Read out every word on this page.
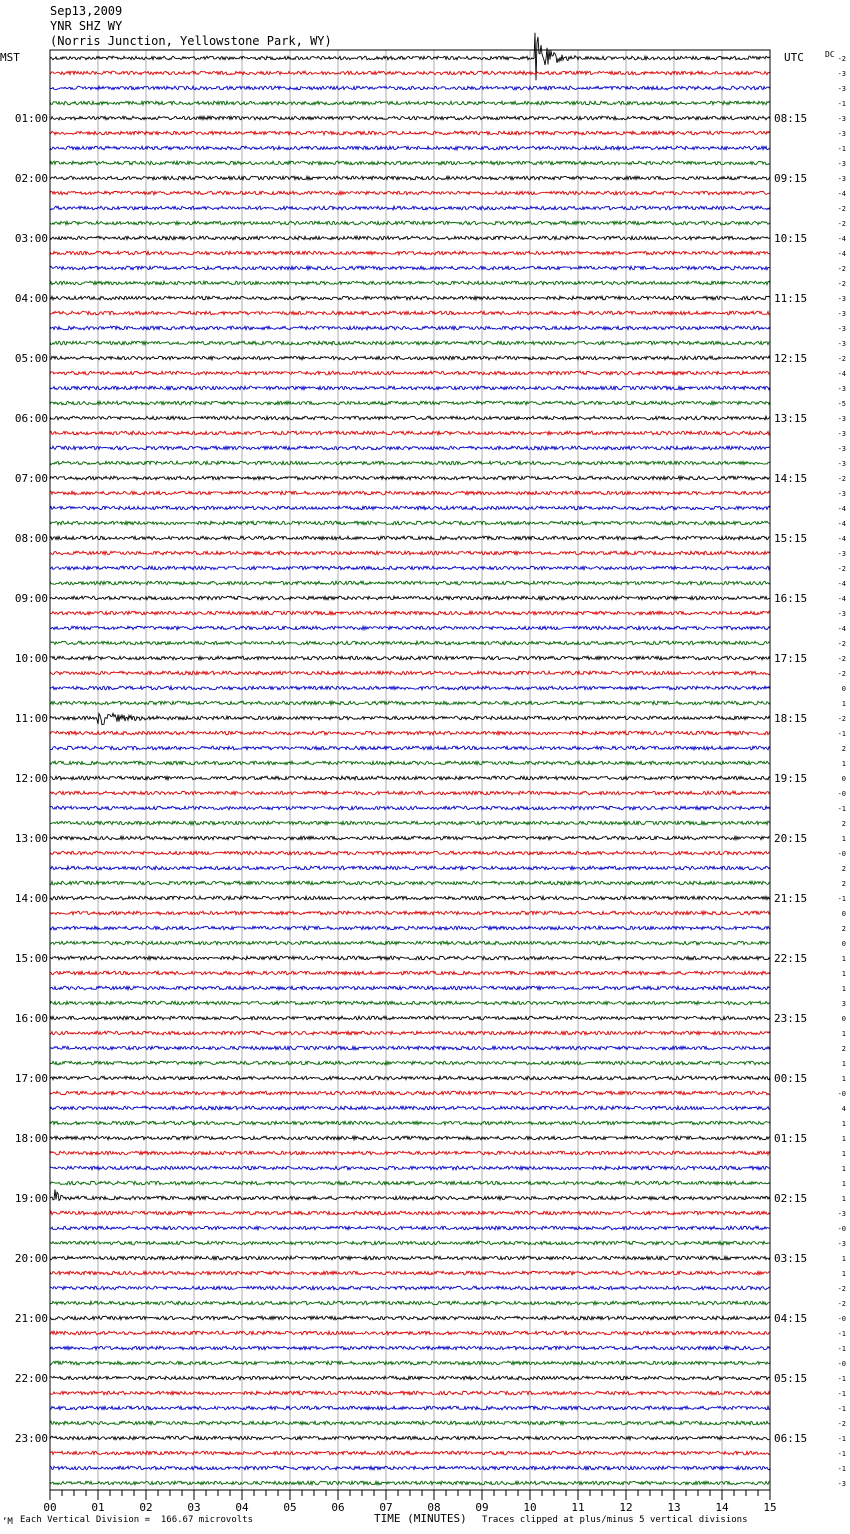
Sep13,2009
YNR SHZ WY
(Norris Junction, Yellowstone Park, WY)
-2
-3
-3
-1
-3
-3
-1
-3
-3
-4
-2
-2
-4
-4
-2
-2
-3
-3
-3
-3
-2
-4
-3
-5
-3
-3
-3
-3
-2
-3
-4
-4
-4
-3
-2
-4
-4
-3
-4
-2
-2
-2
0
1
-2
-1
2
1
0
-0
-1
2
1
-0
2
2
-1
0
2
0
1
1
1
3
0
1
2
1
1
-0
4
1
1
1
1
1
1
-3
-0
-3
1
1
-2
-2
-0
-1
-1
-0
-1
-1
-1
-2
-1
-1
-1
-3
01:00
02:00
03:00
04:00
05:00
06:00
07:00
08:00
09:00
10:00
11:00
12:00
13:00
14:00
15:00
16:00
17:00
18:00
19:00
20:00
21:00
22:00
23:00
08:15
09:15
10:15
11:15
12:15
13:15
14:15
15:15
16:15
17:15
18:15
19:15
20:15
21:15
22:15
23:15
00:15
01:15
02:15
03:15
04:15
05:15
06:15
00	01	02	03	04	05	06	07	08	09	10	11	12	13	14	15
MST	UTC	DC
TIME (MINUTES)
‘M Each Vertical Division =  166.67 microvolts	Traces clipped at plus/minus 5 vertical divisions
